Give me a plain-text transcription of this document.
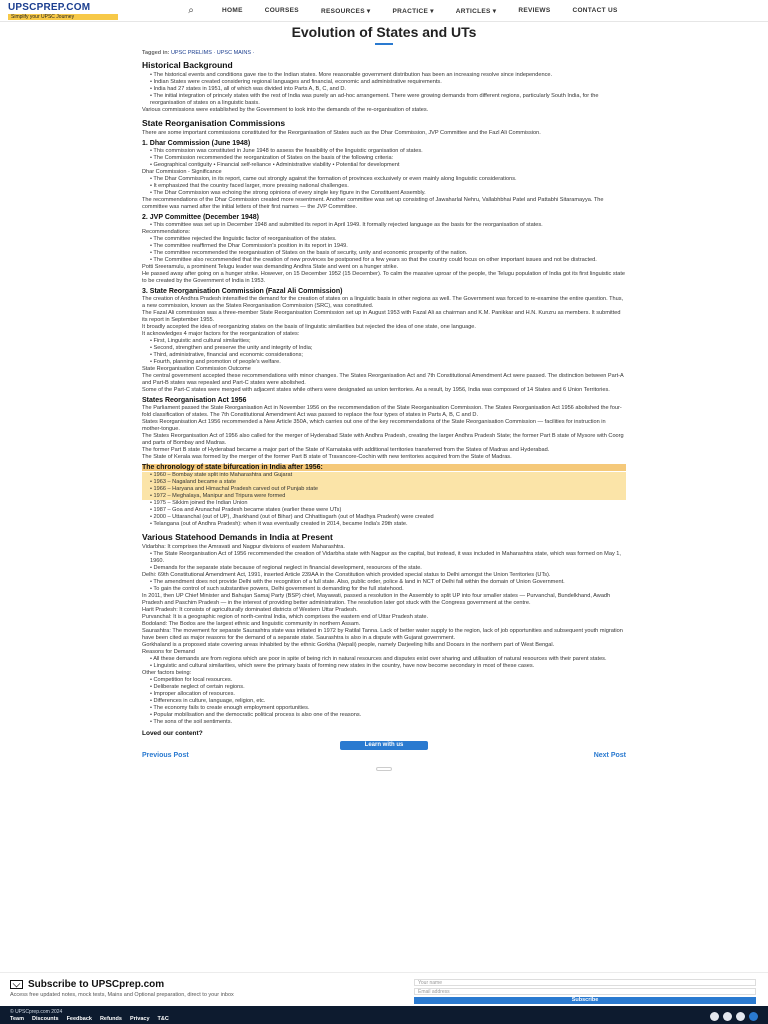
UPSCPREP.COM
Simplify your UPSC Journey
⌕	HOME	COURSES	RESOURCES ▾	PRACTICE ▾	ARTICLES ▾	REVIEWS	CONTACT US
Evolution of States and UTs
Tagged in: UPSC PRELIMS · UPSC MAINS ·
Historical Background

• The historical events and conditions gave rise to the Indian states. More reasonable government distribution has been an increasing resolve since independence.

• Indian States were created considering regional languages and financial, economic and administrative requirements.

• India had 27 states in 1951, all of which was divided into Parts A, B, C, and D.

• The initial integration of princely states with the rest of India was purely an ad-hoc arrangement. There were growing demands from different regions, particularly South India, for the reorganisation of states on a linguistic basis.

Various commissions were established by the Government to look into the demands of the re-organisation of states.

State Reorganisation Commissions

There are some important commissions constituted for the Reorganisation of States such as the Dhar Commission, JVP Committee and the Fazl Ali Commission.

1. Dhar Commission (June 1948)

• This commission was constituted in June 1948 to assess the feasibility of the linguistic organisation of states.

• The Commission recommended the reorganization of States on the basis of the following criteria:

• Geographical contiguity • Financial self-reliance • Administrative viability • Potential for development

Dhar Commission - Significance

• The Dhar Commission, in its report, came out strongly against the formation of provinces exclusively or even mainly along linguistic considerations.

• It emphasized that the country faced larger, more pressing national challenges.

• The Dhar Commission was echoing the strong opinions of every single key figure in the Constituent Assembly.

The recommendations of the Dhar Commission created more resentment. Another committee was set up consisting of Jawaharlal Nehru, Vallabhbhai Patel and Pattabhi Sitaramayya. The committee was named after the initial letters of their first names — the JVP Committee.

2. JVP Committee (December 1948)

• This committee was set up in December 1948 and submitted its report in April 1949. It formally rejected language as the basis for the reorganisation of states.

Recommendations:

• The committee rejected the linguistic factor of reorganisation of the states.

• The committee reaffirmed the Dhar Commission's position in its report in 1949.

• The committee recommended the reorganisation of States on the basis of security, unity and economic prosperity of the nation.

• The Committee also recommended that the creation of new provinces be postponed for a few years so that the country could focus on other important issues and not be distracted.

Potti Sreeramulu, a prominent Telugu leader was demanding Andhra State and went on a hunger strike.

He passed away after going on a hunger strike. However, on 15 December 1952 (15 December). To calm the massive uproar of the people, the Telugu population of India got its first linguistic state to be created by the Government of India in 1953.

3. State Reorganisation Commission (Fazal Ali Commission)

The creation of Andhra Pradesh intensified the demand for the creation of states on a linguistic basis in other regions as well. The Government was forced to re-examine the entire question. Thus, a new commission, known as the States Reorganisation Commission (SRC), was constituted.

The Fazal Ali commission was a three-member State Reorganisation Commission set up in August 1953 with Fazal Ali as chairman and K.M. Panikkar and H.N. Kunzru as members. It submitted its report in September 1955.

It broadly accepted the idea of reorganizing states on the basis of linguistic similarities but rejected the idea of one state, one language.

It acknowledges 4 major factors for the reorganization of states:

• First, Linguistic and cultural similarities;

• Second, strengthen and preserve the unity and integrity of India;

• Third, administrative, financial and economic considerations;

• Fourth, planning and promotion of people's welfare.

State Reorganisation Commission Outcome

The central government accepted these recommendations with minor changes. The States Reorganisation Act and 7th Constitutional Amendment Act were passed. The distinction between Part-A and Part-B states was repealed and Part-C states were abolished.

Some of the Part-C states were merged with adjacent states while others were designated as union territories. As a result, by 1956, India was composed of 14 States and 6 Union Territories.

States Reorganisation Act 1956

The Parliament passed the State Reorganisation Act in November 1956 on the recommendation of the State Reorganisation Commission. The States Reorganisation Act 1956 abolished the four-fold classification of states. The 7th Constitutional Amendment Act was passed to replace the four types of states in Parts A, B, C and D.

States Reorganisation Act 1956 recommended a New Article 350A, which carries out one of the key recommendations of the State Reorganisation Commission — facilities for instruction in mother-tongue.

The States Reorganisation Act of 1956 also called for the merger of Hyderabad State with Andhra Pradesh, creating the larger Andhra Pradesh State; the former Part B state of Mysore with Coorg and parts of Bombay and Madras.

The former Part B state of Hyderabad became a major part of the State of Karnataka with additional territories transferred from the States of Madras and Hyderabad.

The State of Kerala was formed by the merger of the former Part B state of Travancore-Cochin with new territories acquired from the State of Madras.

The chronology of state bifurcation in India after 1956:

• 1960 – Bombay state split into Maharashtra and Gujarat

• 1963 – Nagaland became a state

• 1966 – Haryana and Himachal Pradesh carved out of Punjab state

• 1972 – Meghalaya, Manipur and Tripura were formed

• 1975 – Sikkim joined the Indian Union

• 1987 – Goa and Arunachal Pradesh became states (earlier these were UTs)

• 2000 – Uttaranchal (out of UP), Jharkhand (out of Bihar) and Chhattisgarh (out of Madhya Pradesh) were created

• Telangana (out of Andhra Pradesh): when it was eventually created in 2014, became India's 29th state.

Various Statehood Demands in India at Present

Vidarbha: It comprises the Amravati and Nagpur divisions of eastern Maharashtra.

• The State Reorganisation Act of 1956 recommended the creation of Vidarbha state with Nagpur as the capital, but instead, it was included in Maharashtra state, which was formed on May 1, 1960.

• Demands for the separate state because of regional neglect in financial development, resources of the state.

Delhi: 69th Constitutional Amendment Act, 1991, inserted Article 239AA in the Constitution which provided special status to Delhi amongst the Union Territories (UTs).

• The amendment does not provide Delhi with the recognition of a full state. Also, public order, police & land in NCT of Delhi fall within the domain of Union Government.

• To gain the control of such substantive powers, Delhi government is demanding for the full statehood.

In 2011, then UP Chief Minister and Bahujan Samaj Party (BSP) chief, Mayawati, passed a resolution in the Assembly to split UP into four smaller states — Purvanchal, Bundelkhand, Awadh Pradesh and Paschim Pradesh — in the interest of providing better administration. The resolution later got stuck with the Congress government at the centre.

Harit Pradesh: It consists of agriculturally dominated districts of Western Uttar Pradesh.

Purvanchal: It is a geographic region of north-central India, which comprises the eastern end of Uttar Pradesh state.

Bodoland: The Bodos are the largest ethnic and linguistic community in northern Assam.

Saurashtra: The movement for separate Saurashtra state was initiated in 1972 by Ratilal Tanna. Lack of better water supply to the region, lack of job opportunities and subsequent youth migration have been cited as major reasons for the demand of a separate state. Saurashtra is also in a dispute with Gujarat government.

Gorkhaland is a proposed state covering areas inhabited by the ethnic Gorkha (Nepali) people, namely Darjeeling hills and Dooars in the northern part of West Bengal.

Reasons for Demand

• All these demands are from regions which are poor in spite of being rich in natural resources and disputes exist over sharing and utilisation of natural resources with their parent states.

• Linguistic and cultural similarities, which were the primary basis of forming new states in the country, have now become secondary in most of these cases.

Other factors being:

• Competition for local resources.

• Deliberate neglect of certain regions.

• Improper allocation of resources.

• Differences in culture, language, religion, etc.

• The economy fails to create enough employment opportunities.

• Popular mobilisation and the democratic political process is also one of the reasons.

• The sons of the soil sentiments.

Loved our content?
Learn with us
Previous Post	Next Post
Subscribe to UPSCprep.com
Access free updated notes, mock tests, Mains and Optional preparation, direct to your inbox
Your name
Email address
Subscribe
© UPSCprep.com 2024
Team Discounts Feedback Refunds Privacy T&C
